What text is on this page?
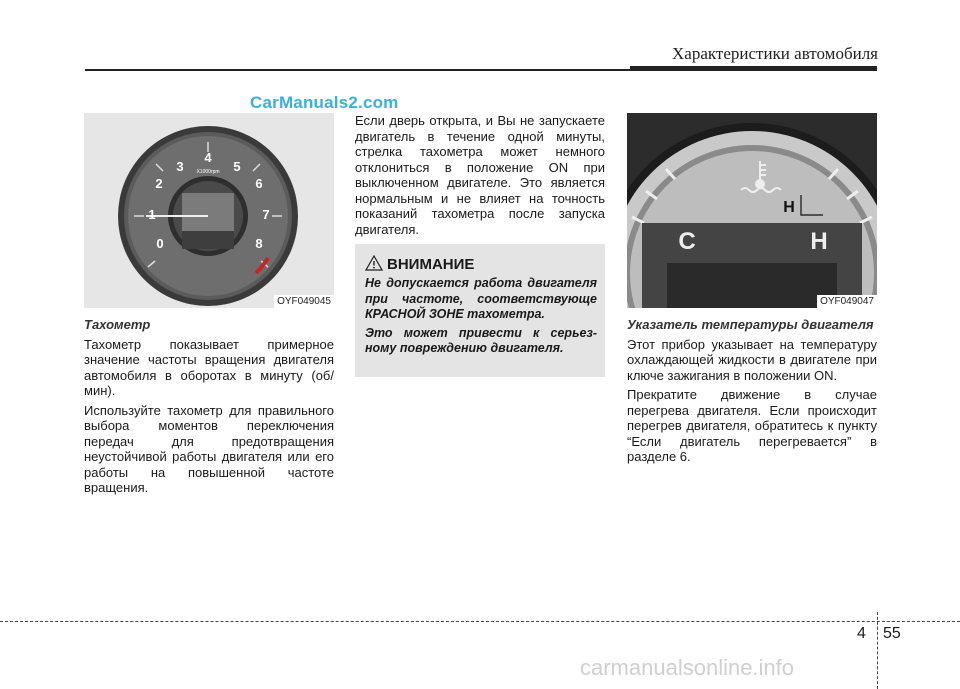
Характеристики автомобиля
CarManuals2.com
0
1
2
3
4
5
6
7
8
X1000rpm
OYF049045

Тахометр

Тахометр показывает примерное значение частоты вращения двигателя автомобиля в оборотах в минуту (об/мин).

Используйте тахометр для правильного выбора моментов переключения передач для предотвращения неустойчивой работы двигателя или его работы на повышенной частоте вращения.

Если дверь открыта, и Вы не запускаете двигатель в течение одной минуты, стрелка тахометра может немного отклониться в положение ON при выключенном двигателе. Это является нормальным и не влияет на точность показаний тахометра после запуска двигателя.

ВНИМАНИЕ

Не допускается работа двигателя при частоте, соответствующе КРАСНОЙ ЗОНЕ тахометра.

Это может привести к серьез- ному повреждению двигателя.

C	H
H
OYF049047

Указатель температуры двигателя

Этот прибор указывает на температуру охлаждающей жидкости в двигателе при ключе зажигания в положении ON.

Прекратите движение в случае перегрева двигателя. Если происходит перегрев двигателя, обратитесь к пункту “Если двигатель перегревается” в разделе 6.

4 55
carmanualsonline.info
